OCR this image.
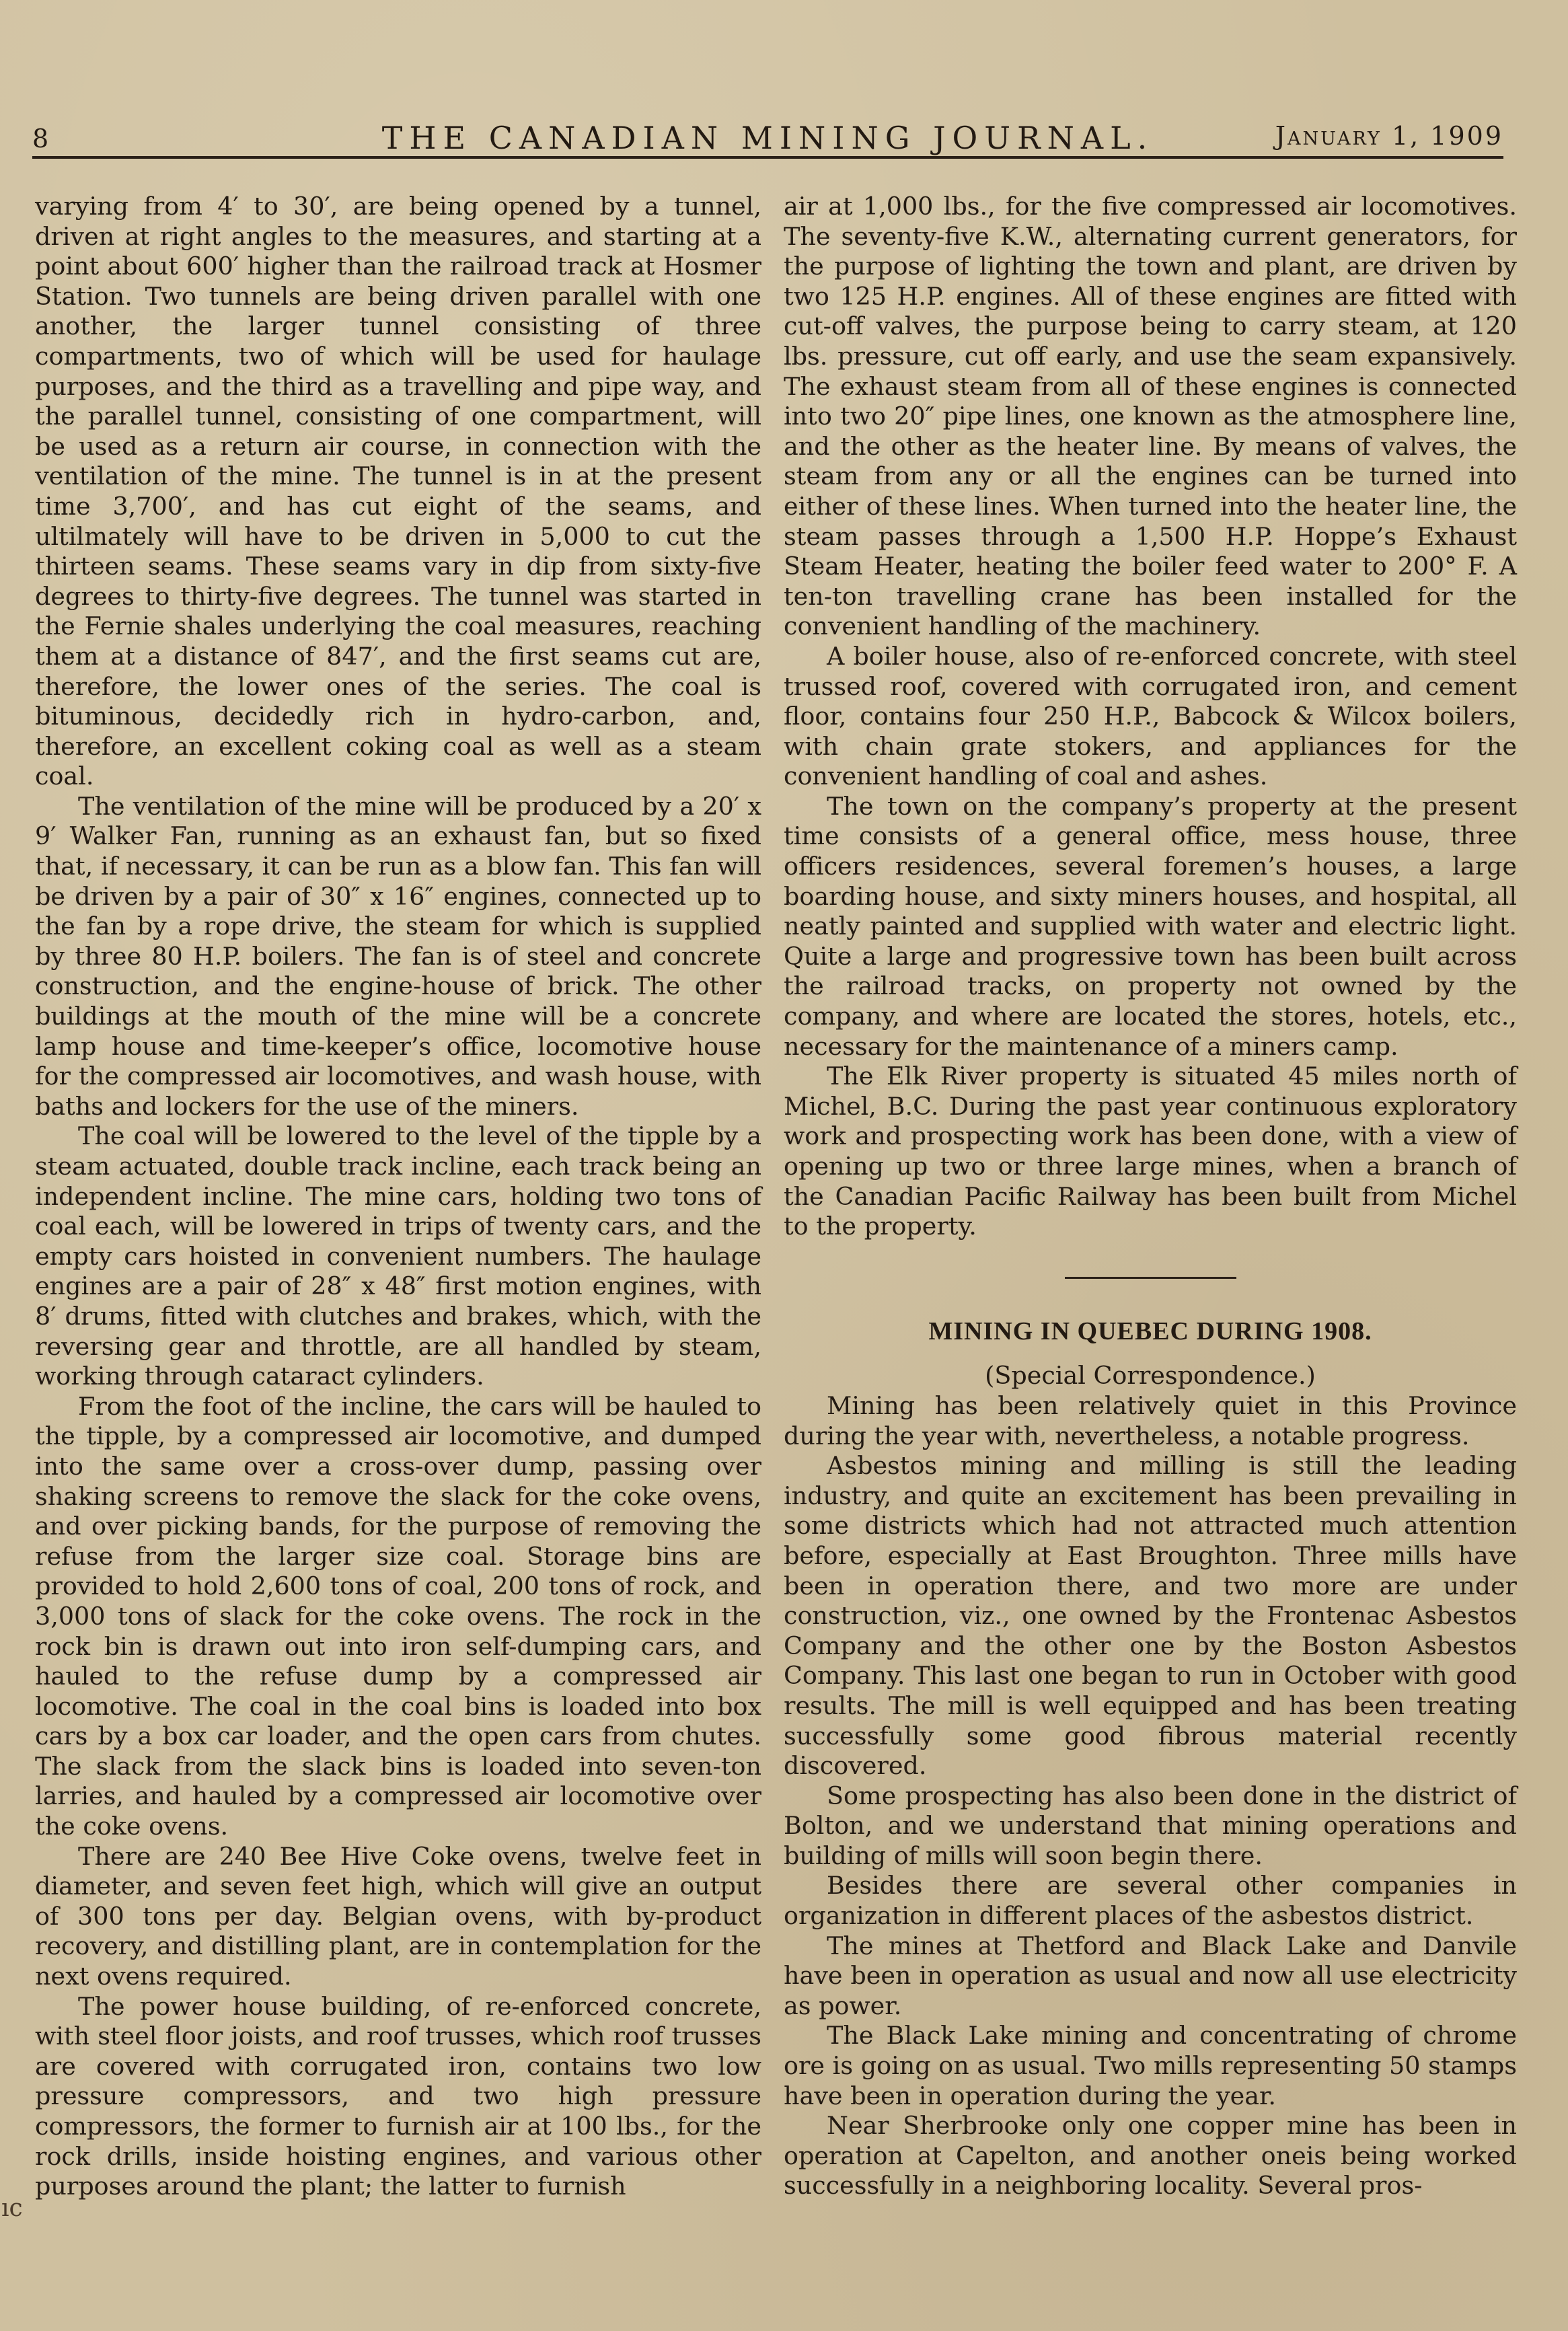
8	THE CANADIAN MINING JOURNAL.	January 1, 1909

varying from 4′ to 30′, are being opened by a tunnel, driven at right angles to the measures, and starting at a point about 600′ higher than the railroad track at Hosmer Station. Two tunnels are being driven parallel with one another, the larger tunnel consisting of three compartments, two of which will be used for haulage purposes, and the third as a travelling and pipe way, and the parallel tunnel, consisting of one compartment, will be used as a return air course, in connection with the ventilation of the mine. The tunnel is in at the present time 3,700′, and has cut eight of the seams, and ultilmately will have to be driven in 5,000 to cut the thirteen seams. These seams vary in dip from sixty-five degrees to thirty-five degrees. The tunnel was started in the Fernie shales underlying the coal measures, reaching them at a distance of 847′, and the first seams cut are, therefore, the lower ones of the series. The coal is bituminous, decidedly rich in hydro-carbon, and, therefore, an excellent coking coal as well as a steam coal.

The ventilation of the mine will be produced by a 20′ x 9′ Walker Fan, running as an exhaust fan, but so fixed that, if necessary, it can be run as a blow fan. This fan will be driven by a pair of 30″ x 16″ engines, connected up to the fan by a rope drive, the steam for which is supplied by three 80 H.P. boilers. The fan is of steel and concrete construction, and the engine-house of brick. The other buildings at the mouth of the mine will be a concrete lamp house and time-keeper’s office, locomotive house for the compressed air locomotives, and wash house, with baths and lockers for the use of the miners.

The coal will be lowered to the level of the tipple by a steam actuated, double track incline, each track being an independent incline. The mine cars, holding two tons of coal each, will be lowered in trips of twenty cars, and the empty cars hoisted in convenient numbers. The haulage engines are a pair of 28″ x 48″ first motion engines, with 8′ drums, fitted with clutches and brakes, which, with the reversing gear and throttle, are all handled by steam, working through cataract cylinders.

From the foot of the incline, the cars will be hauled to the tipple, by a compressed air locomotive, and dumped into the same over a cross-over dump, passing over shaking screens to remove the slack for the coke ovens, and over picking bands, for the purpose of removing the refuse from the larger size coal. Storage bins are provided to hold 2,600 tons of coal, 200 tons of rock, and 3,000 tons of slack for the coke ovens. The rock in the rock bin is drawn out into iron self-dumping cars, and hauled to the refuse dump by a compressed air locomotive. The coal in the coal bins is loaded into box cars by a box car loader, and the open cars from chutes. The slack from the slack bins is loaded into seven-ton larries, and hauled by a compressed air locomotive over the coke ovens.

There are 240 Bee Hive Coke ovens, twelve feet in diameter, and seven feet high, which will give an output of 300 tons per day. Belgian ovens, with by-product recovery, and distilling plant, are in contemplation for the next ovens required.

The power house building, of re-enforced concrete, with steel floor joists, and roof trusses, which roof trusses are covered with corrugated iron, contains two low pressure compressors, and two high pressure compressors, the former to furnish air at 100 lbs., for the rock drills, inside hoisting engines, and various other purposes around the plant; the latter to furnish

air at 1,000 lbs., for the five compressed air locomotives. The seventy-five K.W., alternating current generators, for the purpose of lighting the town and plant, are driven by two 125 H.P. engines. All of these engines are fitted with cut-off valves, the purpose being to carry steam, at 120 lbs. pressure, cut off early, and use the seam expansively. The exhaust steam from all of these engines is connected into two 20″ pipe lines, one known as the atmosphere line, and the other as the heater line. By means of valves, the steam from any or all the engines can be turned into either of these lines. When turned into the heater line, the steam passes through a 1,500 H.P. Hoppe’s Exhaust Steam Heater, heating the boiler feed water to 200° F. A ten-ton travelling crane has been installed for the convenient handling of the machinery.

A boiler house, also of re-enforced concrete, with steel trussed roof, covered with corrugated iron, and cement floor, contains four 250 H.P., Babcock & Wilcox boilers, with chain grate stokers, and appliances for the convenient handling of coal and ashes.

The town on the company’s property at the present time consists of a general office, mess house, three officers residences, several foremen’s houses, a large boarding house, and sixty miners houses, and hospital, all neatly painted and supplied with water and electric light. Quite a large and progressive town has been built across the railroad tracks, on property not owned by the company, and where are located the stores, hotels, etc., necessary for the maintenance of a miners camp.

The Elk River property is situated 45 miles north of Michel, B.C. During the past year continuous exploratory work and prospecting work has been done, with a view of opening up two or three large mines, when a branch of the Canadian Pacific Railway has been built from Michel to the property.

MINING IN QUEBEC DURING 1908.

(Special Correspondence.)

Mining has been relatively quiet in this Province during the year with, nevertheless, a notable progress.

Asbestos mining and milling is still the leading industry, and quite an excitement has been prevailing in some districts which had not attracted much attention before, especially at East Broughton. Three mills have been in operation there, and two more are under construction, viz., one owned by the Frontenac Asbestos Company and the other one by the Boston Asbestos Company. This last one began to run in October with good results. The mill is well equipped and has been treating successfully some good fibrous material recently discovered.

Some prospecting has also been done in the district of Bolton, and we understand that mining operations and building of mills will soon begin there.

Besides there are several other companies in organization in different places of the asbestos district.

The mines at Thetford and Black Lake and Danvile have been in operation as usual and now all use electricity as power.

The Black Lake mining and concentrating of chrome ore is going on as usual. Two mills representing 50 stamps have been in operation during the year.

Near Sherbrooke only one copper mine has been in operation at Capelton, and another oneis being worked successfully in a neighboring locality. Several pros-

ıc
